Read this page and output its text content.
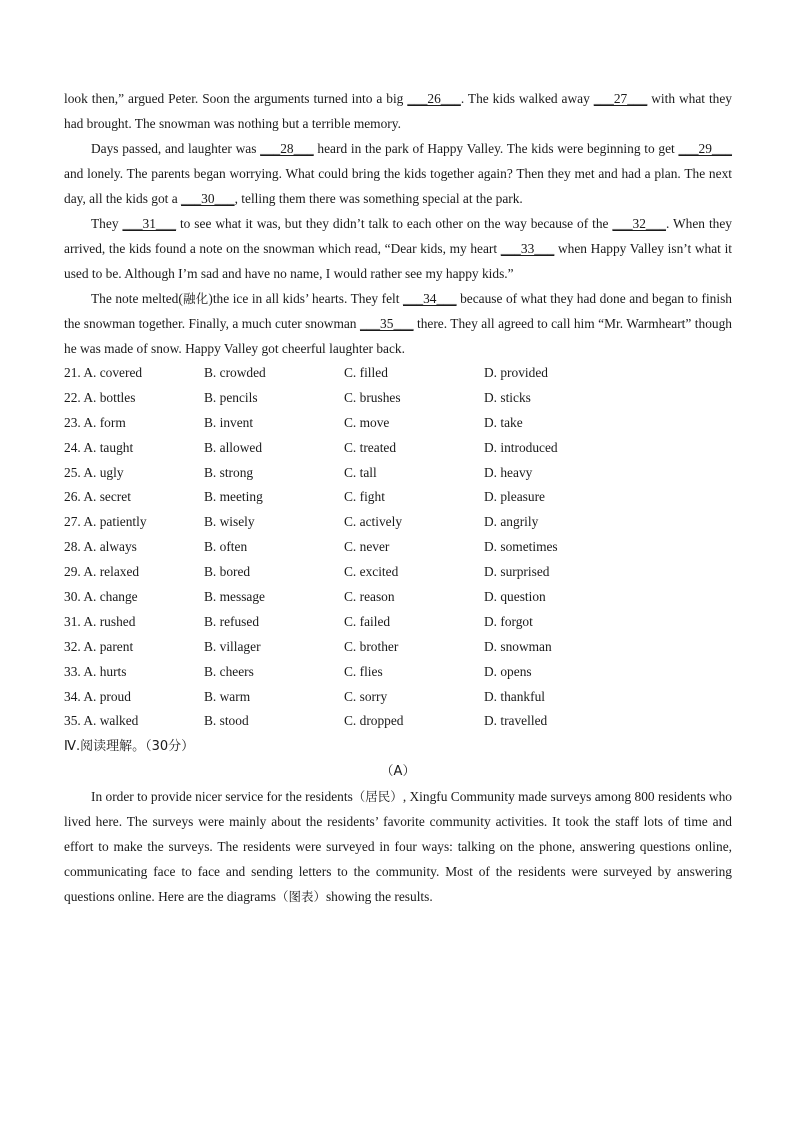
look then,” argued Peter. Soon the arguments turned into a big ___26___. The kids walked away ___27___ with what they had brought. The snowman was nothing but a terrible memory.

Days passed, and laughter was ___28___ heard in the park of Happy Valley. The kids were beginning to get ___29___ and lonely. The parents began worrying. What could bring the kids together again? Then they met and had a plan. The next day, all the kids got a ___30___, telling them there was something special at the park.

They ___31___ to see what it was, but they didn’t talk to each other on the way because of the ___32___. When they arrived, the kids found a note on the snowman which read, “Dear kids, my heart ___33___ when Happy Valley isn’t what it used to be. Although I’m sad and have no name, I would rather see my happy kids.”

The note melted(融化)the ice in all kids’ hearts. They felt ___34___ because of what they had done and began to finish the snowman together. Finally, a much cuter snowman ___35___ there. They all agreed to call him “Mr. Warmheart” though he was made of snow. Happy Valley got cheerful laughter back.

21. A. covered	B. crowded	C. filled	D. provided
22. A. bottles	B. pencils	C. brushes	D. sticks
23. A. form	B. invent	C. move	D. take
24. A. taught	B. allowed	C. treated	D. introduced
25. A. ugly	B. strong	C. tall	D. heavy
26. A. secret	B. meeting	C. fight	D. pleasure
27. A. patiently	B. wisely	C. actively	D. angrily
28. A. always	B. often	C. never	D. sometimes
29. A. relaxed	B. bored	C. excited	D. surprised
30. A. change	B. message	C. reason	D. question
31. A. rushed	B. refused	C. failed	D. forgot
32. A. parent	B. villager	C. brother	D. snowman
33. A. hurts	B. cheers	C. flies	D. opens
34. A. proud	B. warm	C. sorry	D. thankful
35. A. walked	B. stood	C. dropped	D. travelled
Ⅳ.阅读理解。（30分）
（A）

In order to provide nicer service for the residents（居民）, Xingfu Community made surveys among 800 residents who lived here. The surveys were mainly about the residents’ favorite community activities. It took the staff lots of time and effort to make the surveys. The residents were surveyed in four ways: talking on the phone, answering questions online, communicating face to face and sending letters to the community. Most of the residents were surveyed by answering questions online. Here are the diagrams（图表）showing the results.
